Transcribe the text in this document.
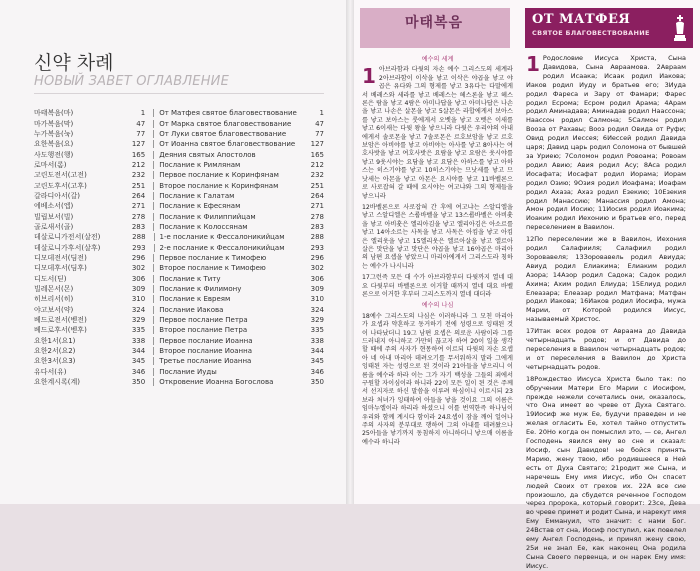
신약 차례
НОВЫЙ ЗАВЕТ ОГЛАВЛЕНИЕ
마태복음(마)	1	От Матфея святое благовествование	1
마가복음(막)	47	От Марка святое благовествование	47
누가복음(눅)	77	От Луки святое благовествование	77
요한복음(요)	127	От Иоанна святое благовествование	127
사도행전(행)	165	Деяния святых Апостолов	165
로마서(롬)	212	Послание к Римлянам	212
고린도전서(고전)	232	Первое послание к Коринфянам	232
고린도후서(고후)	251	Второе послание к Коринфянам	251
갈라디아서(갈)	264	Послание к Галатам	264
에베소서(엡)	271	Послание к Ефесянам	271
빌립보서(빌)	278	Послание к Филиппийцам	278
골로새서(골)	283	Послание к Колоссянам	283
데살로니가전서(살전)	288	1-е послание к Фессалоникийцам	288
데살로니가후서(살후)	293	2-е послание к Фессалоникийцам	293
디모데전서(딤전)	296	Первое послание к Тимофею	296
디모데후서(딤후)	302	Второе послание к Тимофею	302
디도서(딛)	306	Послание к Титу	306
빌레몬서(몬)	309	Послание к Филимону	309
히브리서(히)	310	Послание к Евреям	310
야고보서(약)	324	Послание Иакова	324
베드로전서(벧전)	329	Первое послание Петра	329
베드로후서(벧후)	335	Второе послание Петра	335
요한1서(요1)	338	Первое послание Иоанна	338
요한2서(요2)	344	Второе послание Иоанна	344
요한3서(요3)	345	Третье послание Иоанна	345
유다서(유)	346	Послание Иуды	346
요한계시록(계)	350	Откровение Иоанна Богослова	350
마태복음	ОТ МАТФЕЯ
СВЯТОЕ БЛАГОВЕСТВОВАНИЕ
예수의 세계

1 아브라함과 다윗의 자손 예수 그리스도의 세계라 2아브라함이 이삭을 낳고 이삭은 야곱을 낳고 야곱은 유다와 그의 형제를 낳고 3유다는 다말에게서 베레스와 세라를 낳고 베레스는 헤스론을 낳고 헤스론은 람을 낳고 4람은 아미나답을 낳고 아미나답은 나손을 낳고 나손은 살몬을 낳고 5살몬은 라합에게서 보아스를 낳고 보아스는 룻에게서 오벳을 낳고 오벳은 이새를 낳고 6이새는 다윗 왕을 낳으니라 다윗은 우리야의 아내에게서 솔로몬을 낳고 7솔로몬은 르호보암을 낳고 르호보암은 아비야를 낳고 아비야는 아사를 낳고 8아사는 여호사밧을 낳고 여호사밧은 요람을 낳고 요람은 웃시야를 낳고 9웃시야는 요담을 낳고 요담은 아하스를 낳고 아하스는 히스기야를 낳고 10히스기야는 므낫세를 낳고 므낫세는 아몬을 낳고 아몬은 요시야를 낳고 11바벨론으로 사로잡혀 갈 때에 요시야는 여고냐와 그의 형제들을 낳으니라

12바벨론으로 사로잡혀 간 후에 여고냐는 스알디엘을 낳고 스알디엘은 스룹바벨을 낳고 13스룹바벨은 아비훗을 낳고 아비훗은 엘리아김을 낳고 엘리아김은 아소르를 낳고 14아소르는 사독을 낳고 사독은 아킴을 낳고 아킴은 엘리웃을 낳고 15엘리웃은 엘르아살을 낳고 엘르아살은 맛단을 낳고 맛단은 야곱을 낳고 16야곱은 마리아의 남편 요셉을 낳았으니 마리아에게서 그리스도라 칭하는 예수가 나시니라

17그런즉 모든 대 수가 아브라함부터 다윗까지 열네 대요 다윗부터 바벨론으로 이거할 때까지 열네 대요 바벨론으로 이거한 후부터 그리스도까지 열네 대더라

예수의 나심

18예수 그리스도의 나심은 이러하니라 그 모친 마리아가 요셉과 약혼하고 동거하기 전에 성령으로 잉태된 것이 나타났더니 19그 남편 요셉은 의로운 사람이라 그를 드러내지 아니하고 가만히 끊고자 하여 20이 일을 생각할 때에 주의 사자가 현몽하여 이르되 다윗의 자손 요셉아 네 아내 마리아 데려오기를 무서워하지 말라 그에게 잉태된 자는 성령으로 된 것이라 21아들을 낳으리니 이름을 예수라 하라 이는 그가 자기 백성을 그들의 죄에서 구원할 자이심이라 하니라 22이 모든 일이 된 것은 주께서 선지자로 하신 말씀을 이루려 하심이니 이르시되 23보라 처녀가 잉태하여 아들을 낳을 것이요 그의 이름은 임마누엘이라 하리라 하셨으니 이를 번역한즉 하나님이 우리와 함께 계시다 함이라 24요셉이 잠을 깨어 일어나 주의 사자의 분부대로 행하여 그의 아내를 데려왔으나 25아들을 낳기까지 동침하지 아니하더니 낳으매 이름을 예수라 하니라

1 Родословие Иисуса Христа, Сына Давидова, Сына Авраамова. 2Авраам родил Исаака; Исаак родил Иакова; Иаков родил Иуду и братьев его; 3Иуда родил Фареса и Зару от Фамари; Фарес родил Есрома; Есром родил Арама; 4Арам родил Аминадава; Аминадав родил Наассона; Наассон родил Салмона; 5Салмон родил Вооза от Рахавы; Вооз родил Овида от Руфи; Овид родил Иессея; 6Иессей родил Давида царя; Давид царь родил Соломона от бывшей за Уриею; 7Соломон родил Ровоама; Ровоам родил Авию; Авия родил Асу; 8Аса родил Иосафата; Иосафат родил Иорама; Иорам родил Озию; 9Озия родил Иоафама; Иоафам родил Ахаза; Ахаз родил Езекию; 10Езекия родил Манассию; Манассия родил Амона; Амон родил Иосию; 11Иосия родил Иоакима; Иоаким родил Иехонию и братьев его, перед переселением в Вавилон.

12По переселении же в Вавилон, Иехония родил Салафииля; Салафиил родил Зоровавеля; 13Зоровавель родил Авиуда; Авиуд родил Елиакима; Елиаким родил Азора; 14Азор родил Садока; Садок родил Ахима; Ахим родил Елиуда; 15Елиуд родил Елеазара; Елеазар родил Матфана; Матфан родил Иакова; 16Иаков родил Иосифа, мужа Марии, от Которой родился Иисус, называемый Христос.

17Итак всех родов от Авраама до Давида четырнадцать родов; и от Давида до переселения в Вавилон четырнадцать родов; и от переселения в Вавилон до Христа четырнадцать родов.

18Рождество Иисуса Христа было так: по обручении Матери Его Марии с Иосифом, прежде нежели сочетались они, оказалось, что Она имеет во чреве от Духа Святаго. 19Иосиф же муж Ее, будучи праведен и не желая огласить Ее, хотел тайно отпустить Ее. 20Но когда он помыслил это, — се, Ангел Господень явился ему во сне и сказал: Иосиф, сын Давидов! не бойся принять Марию, жену твою, ибо родившееся в Ней есть от Духа Святаго; 21родит же Сына, и наречешь Ему имя Иисус, ибо Он спасет людей Своих от грехов их. 22А все сие произошло, да сбудется реченное Господом через пророка, который говорит: 23се, Дева во чреве примет и родит Сына, и нарекут имя Ему Еммануил, что значит: с нами Бог. 24Встав от сна, Иосиф поступил, как повелел ему Ангел Господень, и принял жену свою, 25и не знал Ее, как наконец Она родила Сына Своего первенца, и он нарек Ему имя: Иисус.
